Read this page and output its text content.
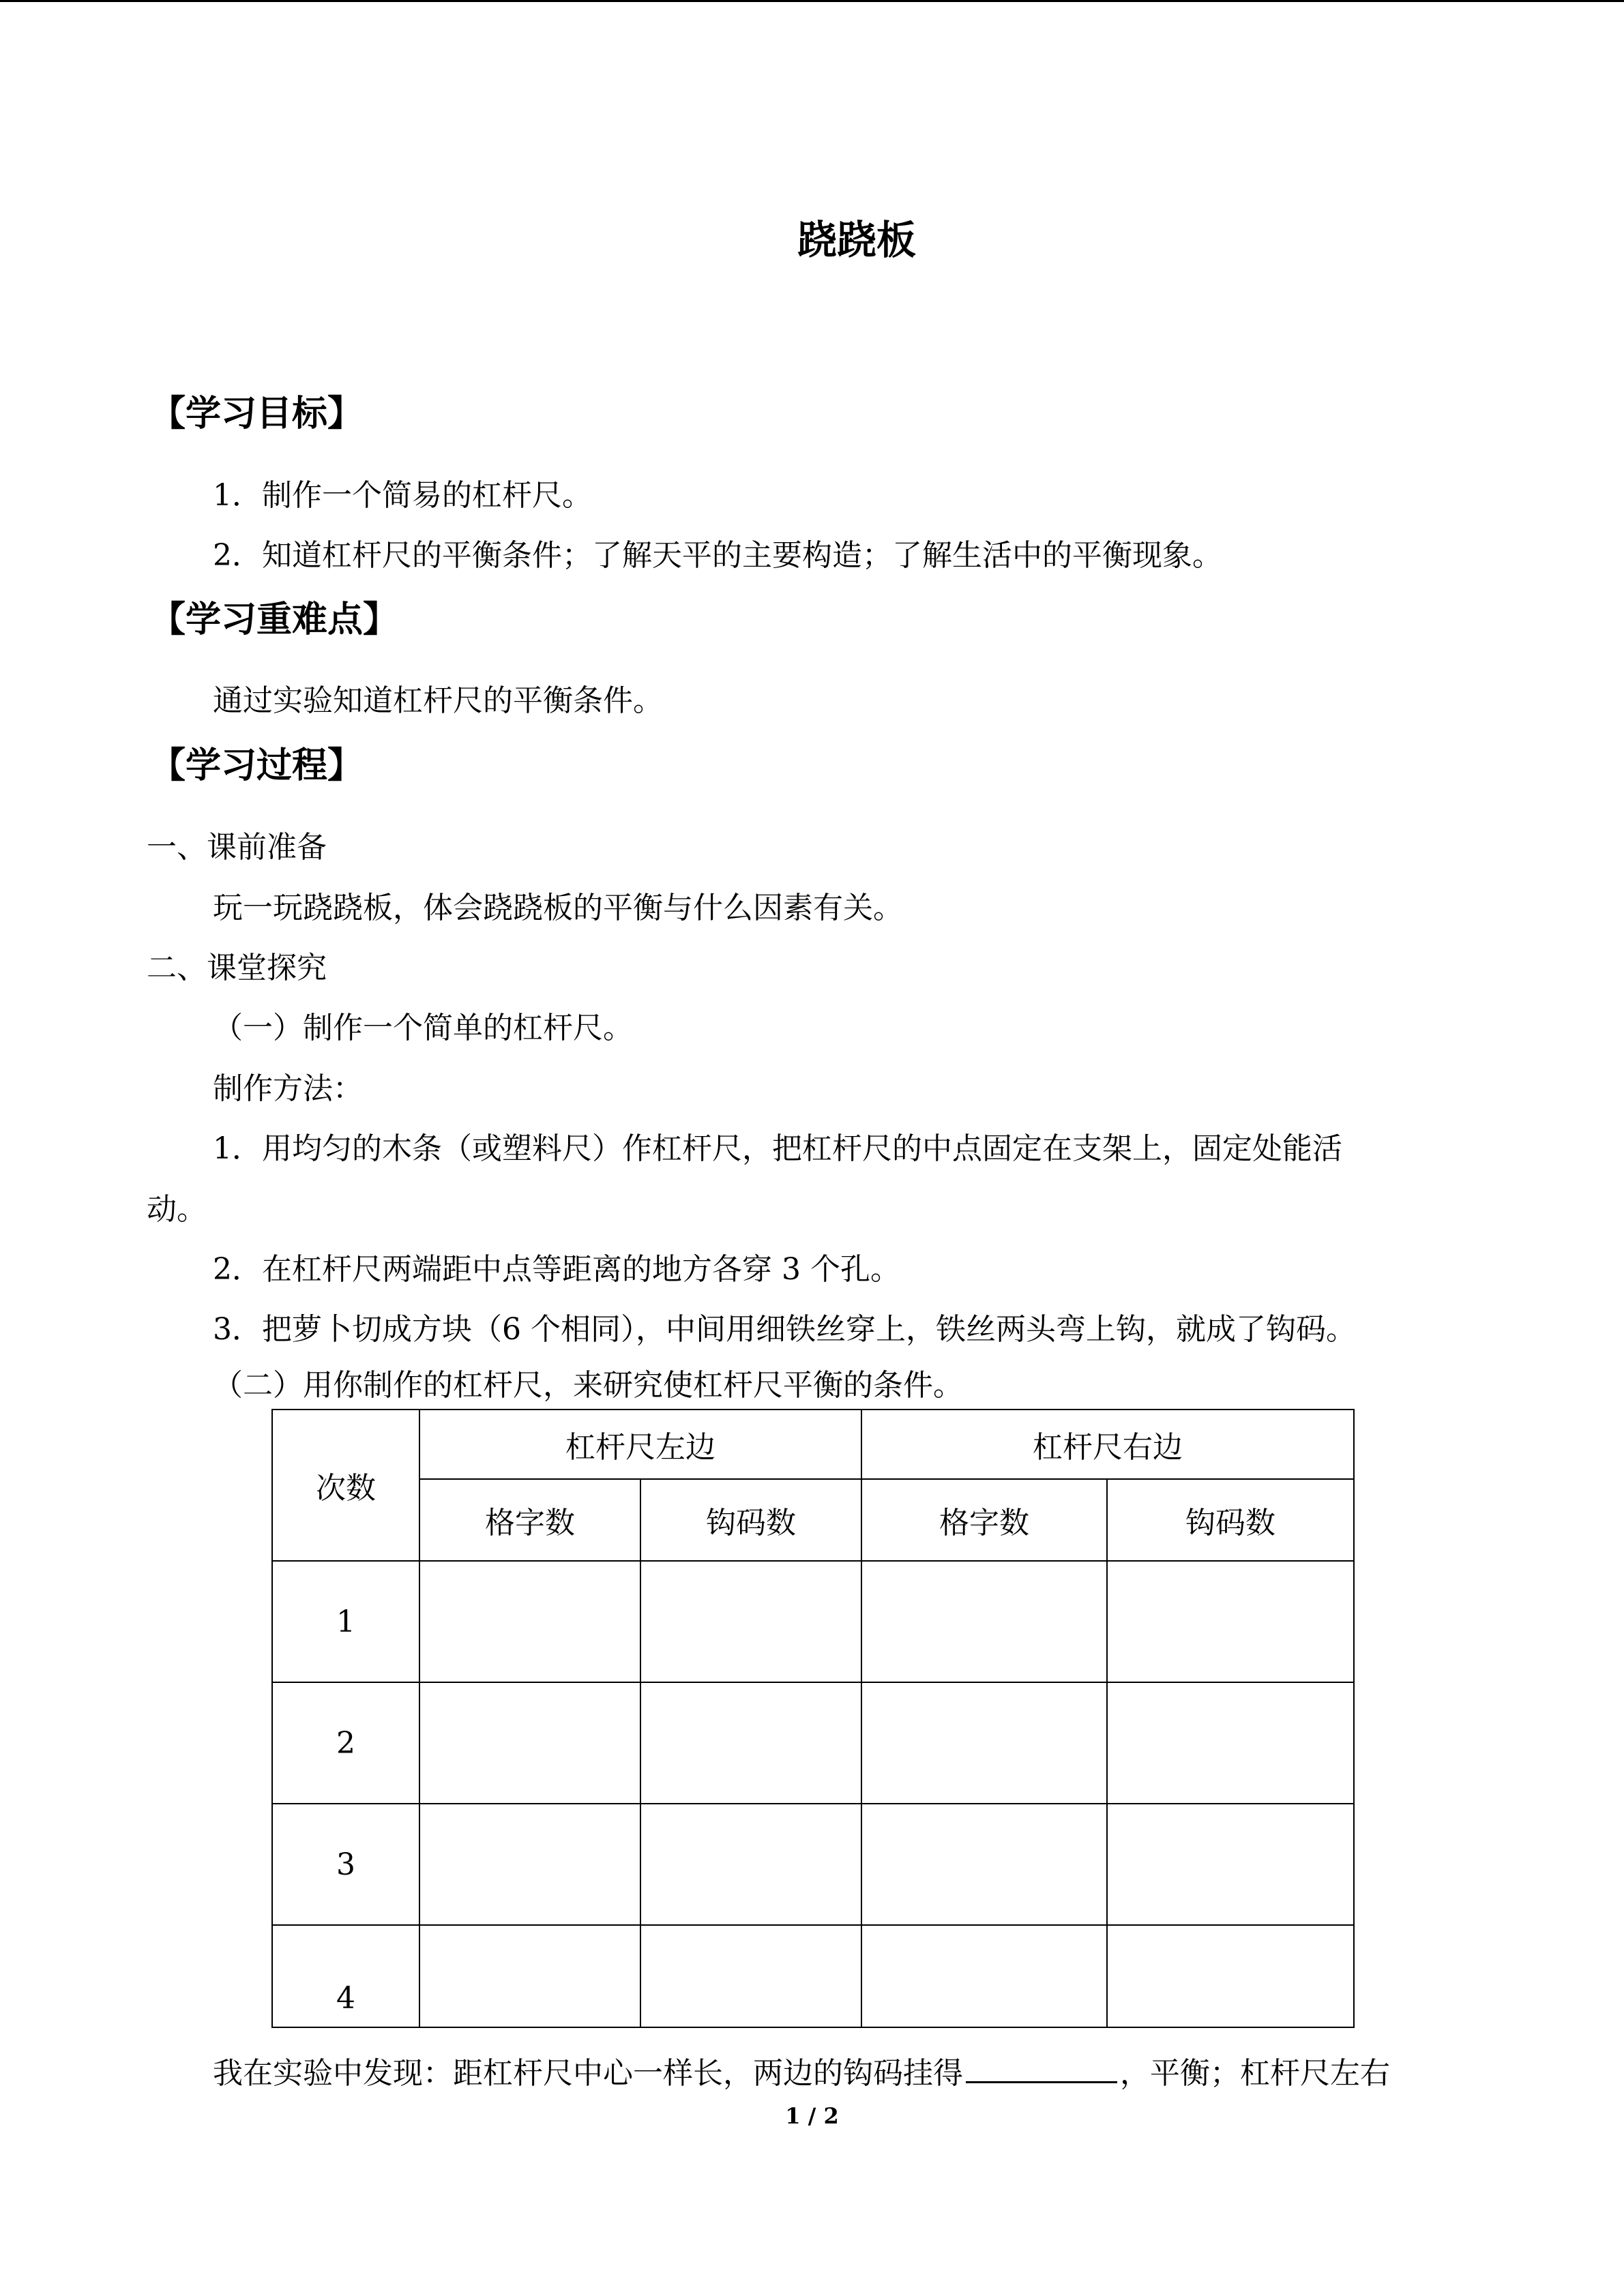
跷跷板
【学习目标】
1．制作一个简易的杠杆尺。
2．知道杠杆尺的平衡条件；了解天平的主要构造；了解生活中的平衡现象。
【学习重难点】
通过实验知道杠杆尺的平衡条件。
【学习过程】
一、课前准备
玩一玩跷跷板，体会跷跷板的平衡与什么因素有关。
二、课堂探究
（一）制作一个简单的杠杆尺。
制作方法：
1．用均匀的木条（或塑料尺）作杠杆尺，把杠杆尺的中点固定在支架上，固定处能活
动。
2．在杠杆尺两端距中点等距离的地方各穿 3 个孔。
3．把萝卜切成方块（6 个相同），中间用细铁丝穿上，铁丝两头弯上钩，就成了钩码。
（二）用你制作的杠杆尺，来研究使杠杆尺平衡的条件。
次数	杠杆尺左边		杠杆尺右边	
	格字数	钩码数	格字数	钩码数
1				
2				
3				
4				
我在实验中发现：距杠杆尺中心一样长，两边的钩码挂得	，平衡；杠杆尺左右
1 / 2
